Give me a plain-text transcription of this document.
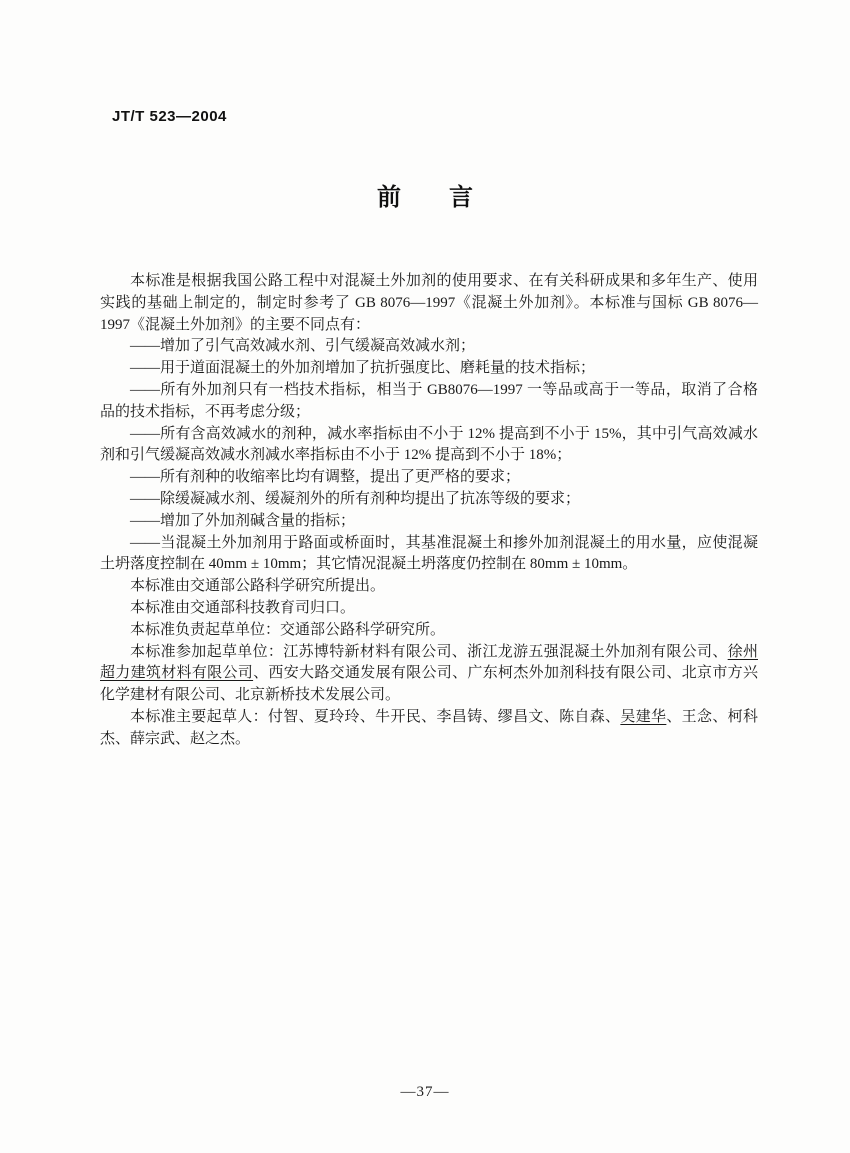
JT/T 523—2004
前　　言

本标准是根据我国公路工程中对混凝土外加剂的使用要求、在有关科研成果和多年生产、使用实践的基础上制定的，制定时参考了 GB 8076—1997《混凝土外加剂》。本标准与国标 GB 8076—1997《混凝土外加剂》的主要不同点有：

——增加了引气高效减水剂、引气缓凝高效减水剂；

——用于道面混凝土的外加剂增加了抗折强度比、磨耗量的技术指标；

——所有外加剂只有一档技术指标，相当于 GB8076—1997 一等品或高于一等品，取消了合格品的技术指标，不再考虑分级；

——所有含高效减水的剂种，减水率指标由不小于 12% 提高到不小于 15%，其中引气高效减水剂和引气缓凝高效减水剂减水率指标由不小于 12% 提高到不小于 18%；

——所有剂种的收缩率比均有调整，提出了更严格的要求；

——除缓凝减水剂、缓凝剂外的所有剂种均提出了抗冻等级的要求；

——增加了外加剂碱含量的指标；

——当混凝土外加剂用于路面或桥面时，其基准混凝土和掺外加剂混凝土的用水量，应使混凝土坍落度控制在 40mm ± 10mm；其它情况混凝土坍落度仍控制在 80mm ± 10mm。

本标准由交通部公路科学研究所提出。

本标准由交通部科技教育司归口。

本标准负责起草单位：交通部公路科学研究所。

本标准参加起草单位：江苏博特新材料有限公司、浙江龙游五强混凝土外加剂有限公司、徐州超力建筑材料有限公司、西安大路交通发展有限公司、广东柯杰外加剂科技有限公司、北京市方兴化学建材有限公司、北京新桥技术发展公司。

本标准主要起草人：付智、夏玲玲、牛开民、李昌铸、缪昌文、陈自森、吴建华、王念、柯科杰、薛宗武、赵之杰。

—37—
